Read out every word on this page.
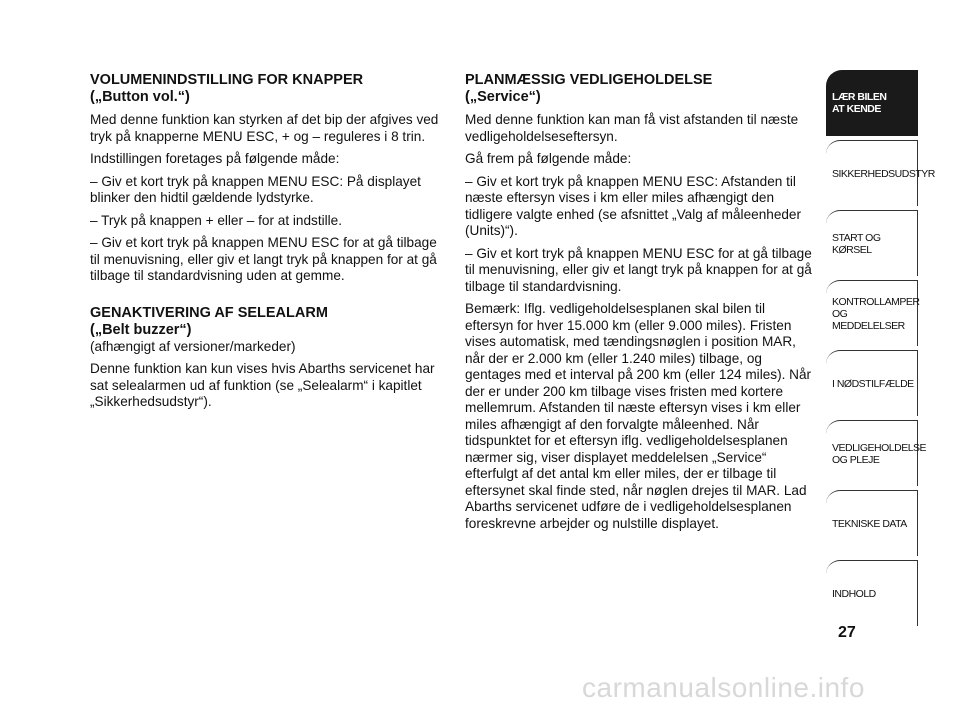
VOLUMENINDSTILLING FOR KNAPPER
(„Button vol.“)

Med denne funktion kan styrken af det bip der afgives ved tryk på knapperne MENU ESC, + og – reguleres i 8 trin.

Indstillingen foretages på følgende måde:

– Giv et kort tryk på knappen MENU ESC: På displayet blinker den hidtil gældende lydstyrke.

– Tryk på knappen + eller – for at indstille.

– Giv et kort tryk på knappen MENU ESC for at gå tilbage til menuvisning, eller giv et langt tryk på knappen for at gå tilbage til standardvisning uden at gemme.

GENAKTIVERING AF SELEALARM
(„Belt buzzer“)

(afhængigt af versioner/markeder)

Denne funktion kan kun vises hvis Abarths servicenet har sat selealarmen ud af funktion (se „Selealarm“ i kapitlet „Sikkerhedsudstyr“).

PLANMÆSSIG VEDLIGEHOLDELSE
(„Service“)

Med denne funktion kan man få vist afstanden til næste vedligeholdelseseftersyn.

Gå frem på følgende måde:

– Giv et kort tryk på knappen MENU ESC: Afstanden til næste eftersyn vises i km eller miles afhængigt den tidligere valgte enhed (se afsnittet „Valg af måleenheder (Units)“).

– Giv et kort tryk på knappen MENU ESC for at gå tilbage til menuvisning, eller giv et langt tryk på knappen for at gå tilbage til standardvisning.

Bemærk: Iflg. vedligeholdelsesplanen skal bilen til eftersyn for hver 15.000 km (eller 9.000 miles). Fristen vises automatisk, med tændingsnøglen i position MAR, når der er 2.000 km (eller 1.240 miles) tilbage, og gentages med et interval på 200 km (eller 124 miles). Når der er under 200 km tilbage vises fristen med kortere mellemrum. Afstanden til næste eftersyn vises i km eller miles afhængigt af den forvalgte måleenhed. Når tidspunktet for et eftersyn iflg. vedligeholdelsesplanen nærmer sig, viser displayet meddelelsen „Service“ efterfulgt af det antal km eller miles, der er tilbage til eftersynet skal finde sted, når nøglen drejes til MAR. Lad Abarths servicenet udføre de i vedligeholdelsesplanen foreskrevne arbejder og nulstille displayet.

LÆR BILEN
AT KENDE
SIKKERHEDSUDSTYR
START OG KØRSEL
KONTROLLAMPER
OG MEDDELELSER
I NØDSTILFÆLDE
VEDLIGEHOLDELSE
OG PLEJE
TEKNISKE DATA
INDHOLD
27
carmanualsonline.info
